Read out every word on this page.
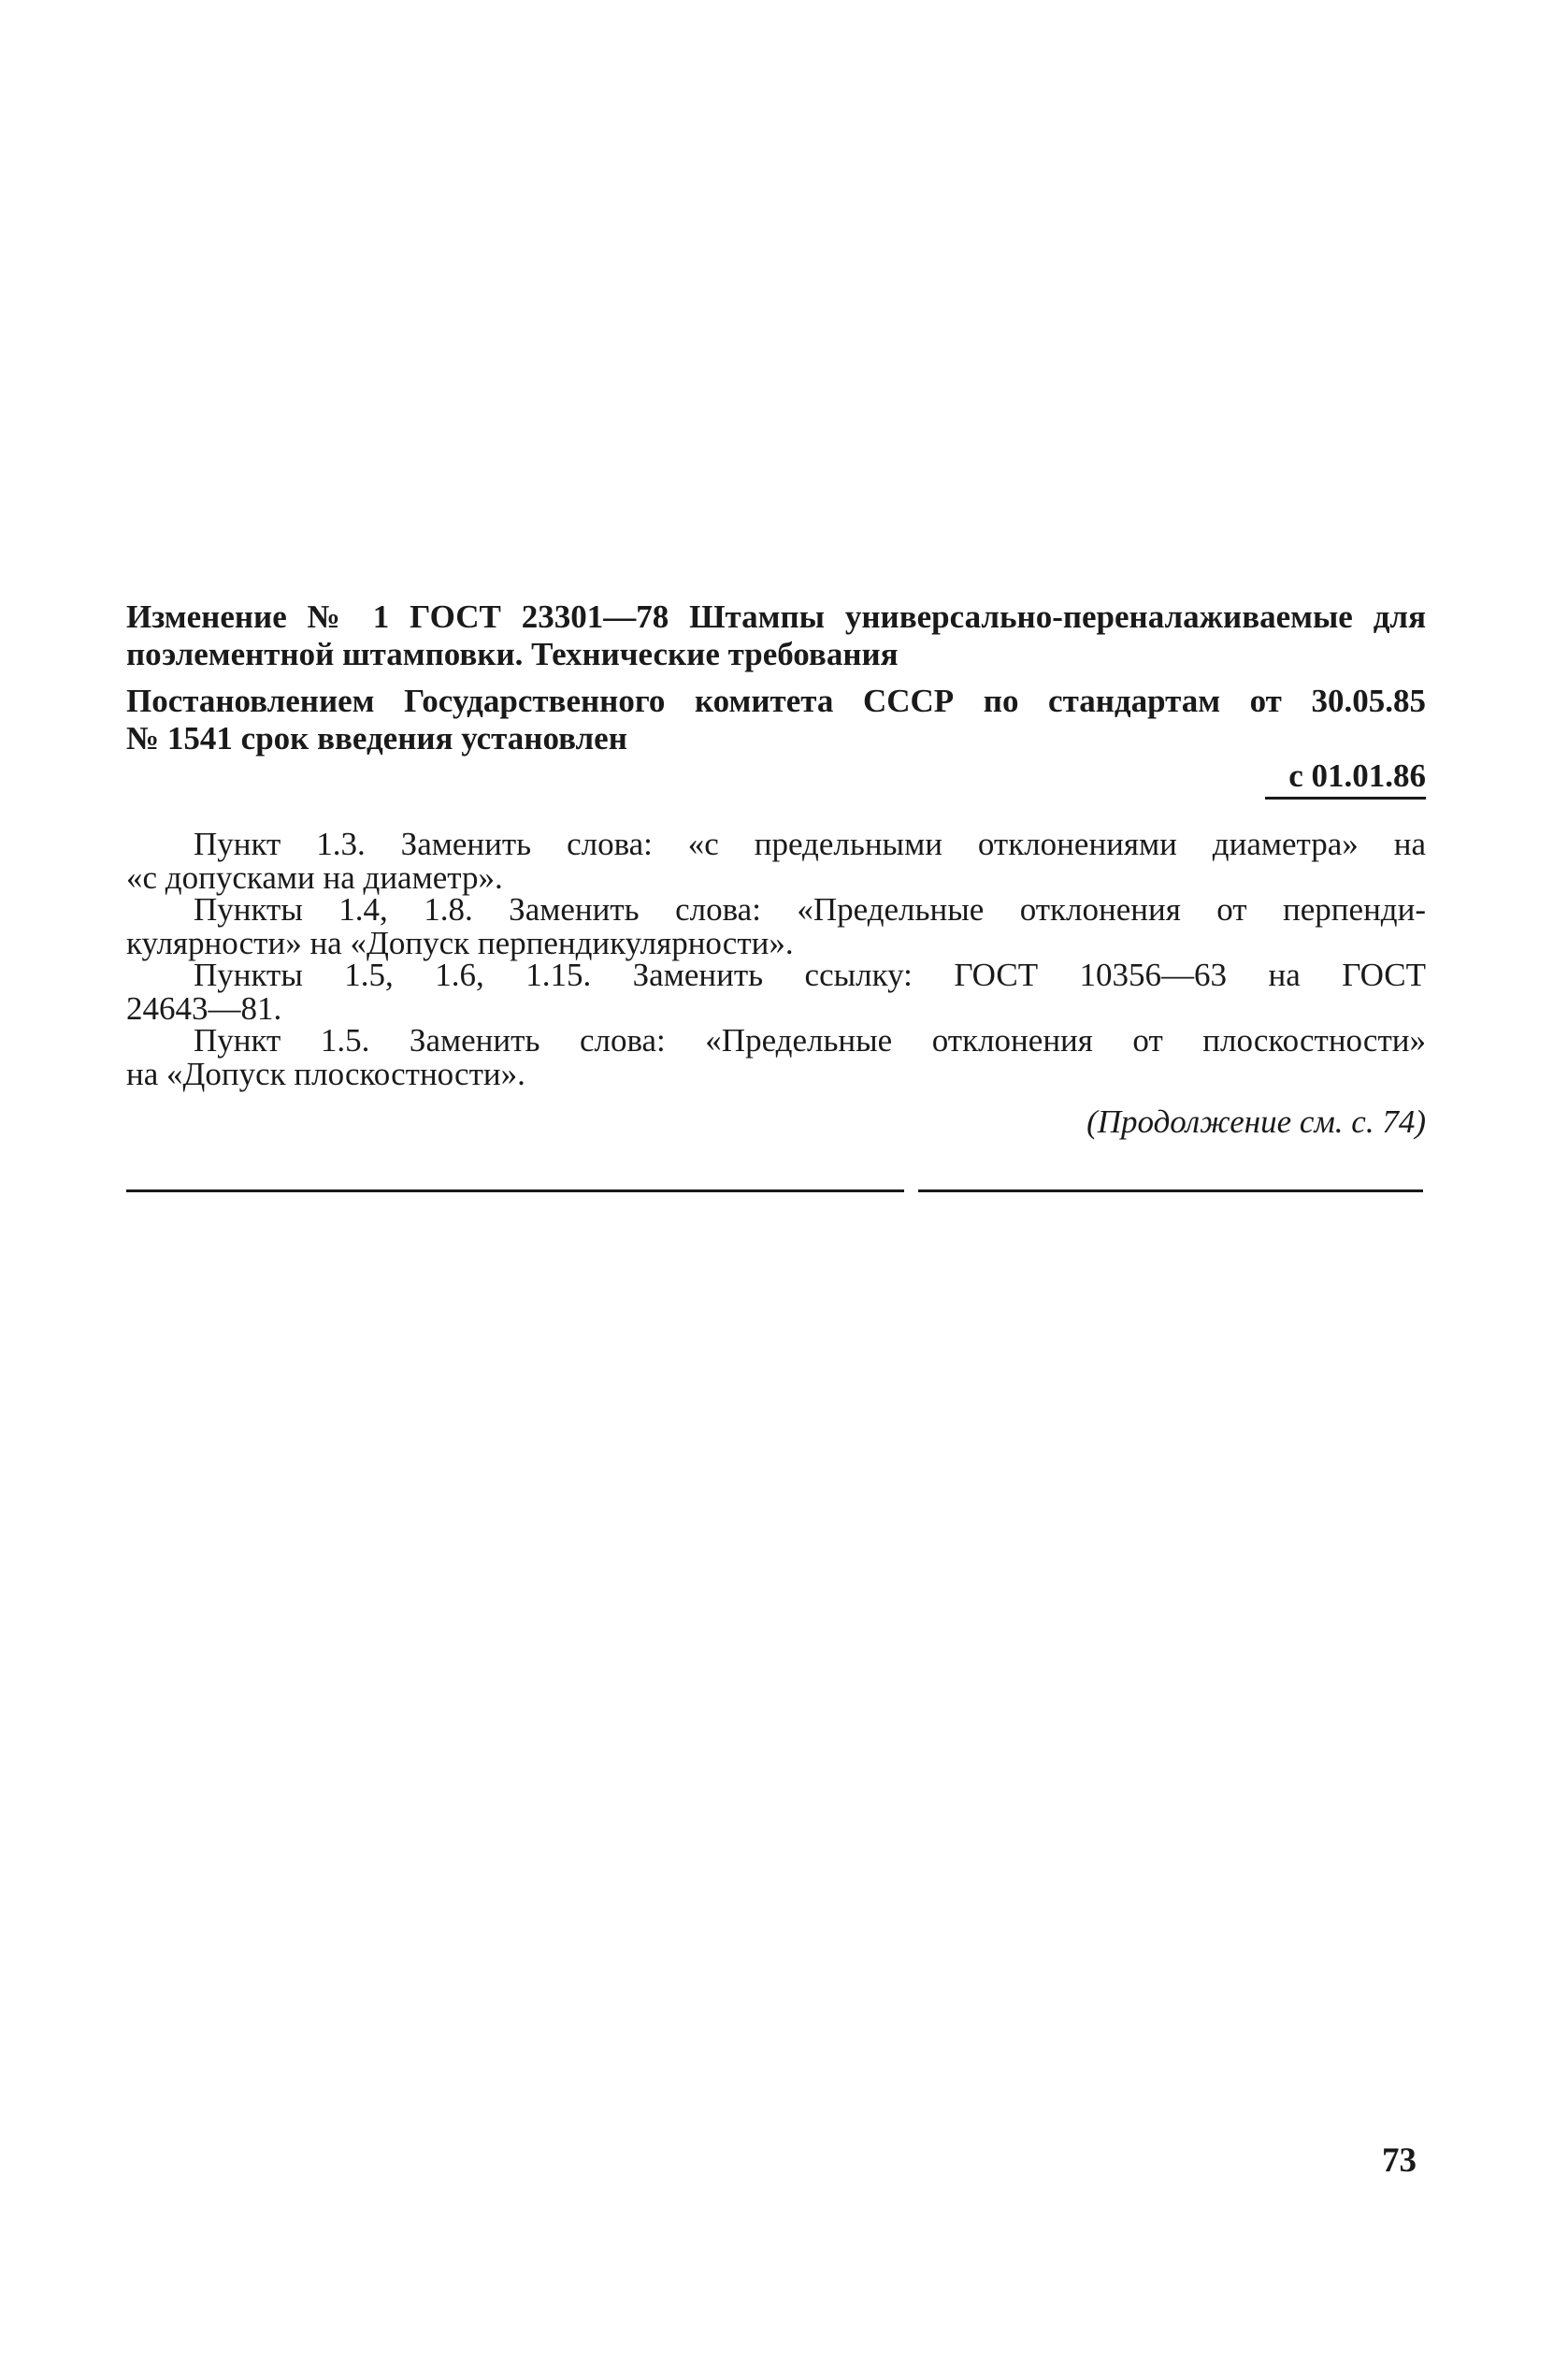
Изменение № 1 ГОСТ 23301—78 Штампы универсально-переналаживаемые для
поэлементной штамповки. Технические требования
Постановлением Государственного комитета СССР по стандартам от 30.05.85
№ 1541 срок введения установлен
с 01.01.86
Пункт 1.3. Заменить слова: «с предельными отклонениями диаметра» на
«с допусками на диаметр».
Пункты 1.4, 1.8. Заменить слова: «Предельные отклонения от перпенди-
кулярности» на «Допуск перпендикулярности».
Пункты 1.5, 1.6, 1.15. Заменить ссылку: ГОСТ 10356—63 на ГОСТ
24643—81.
Пункт 1.5. Заменить слова: «Предельные отклонения от плоскостности»
на «Допуск плоскостности».
(Продолжение см. с. 74)
73
